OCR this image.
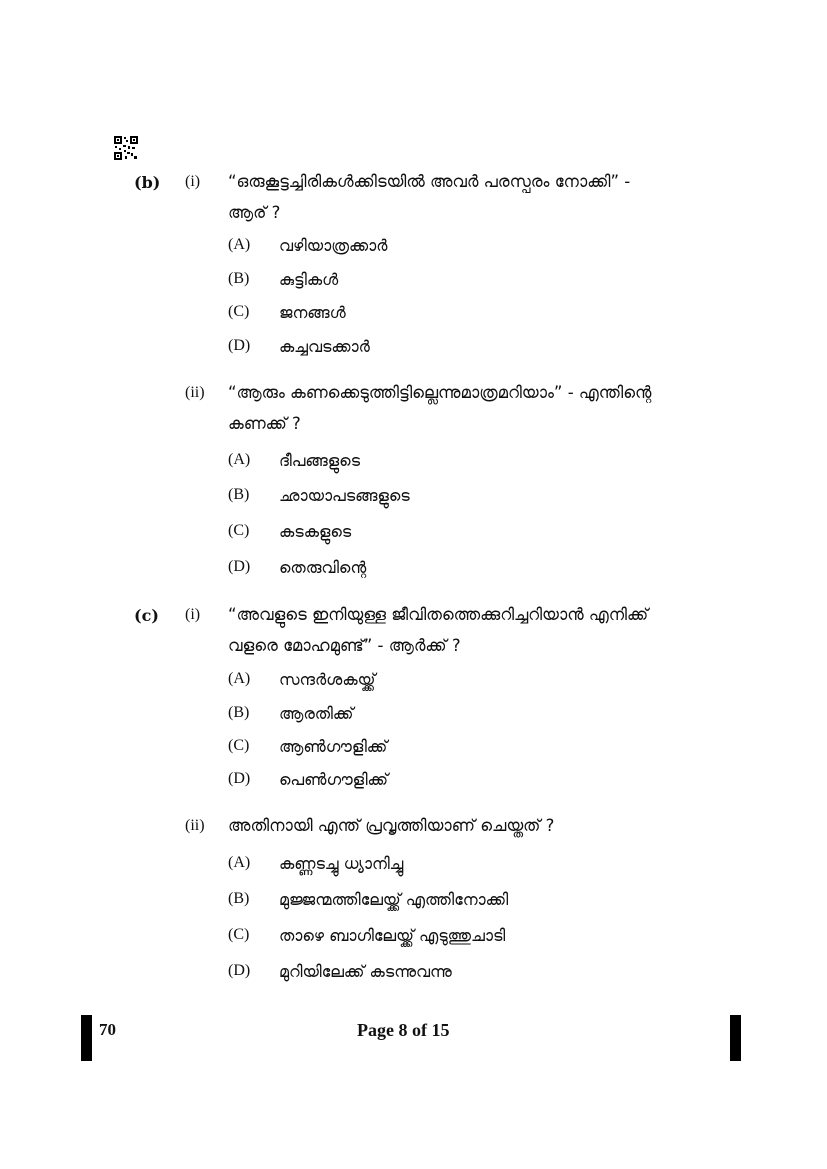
(b) (i) “ഒരുകൂട്ടച്ചിരികൾക്കിടയിൽ അവർ പരസ്പരം നോക്കി” -
ആര് ?
(A) വഴിയാത്രക്കാർ
(B) കുട്ടികൾ
(C) ജനങ്ങൾ
(D) കച്ചവടക്കാർ
(ii) “ആരും കണക്കെടുത്തിട്ടില്ലെന്നുമാത്രമറിയാം” - എന്തിന്റെ
കണക്ക് ?
(A) ദീപങ്ങളുടെ
(B) ഛായാപടങ്ങളുടെ
(C) കടകളുടെ
(D) തെരുവിന്റെ
(c) (i) “അവളുടെ ഇനിയുള്ള ജീവിതത്തെക്കുറിച്ചറിയാൻ എനിക്ക്
വളരെ മോഹമുണ്ട്” - ആർക്ക് ?
(A) സന്ദർശകയ്ക്ക്
(B) ആരതിക്ക്
(C) ആൺഗൗളിക്ക്
(D) പെൺഗൗളിക്ക്
(ii) അതിനായി എന്ത് പ്രവൃത്തിയാണ് ചെയ്തത് ?
(A) കണ്ണടച്ചു ധ്യാനിച്ചു
(B) മുജ്ജന്മത്തിലേയ്ക്ക് എത്തിനോക്കി
(C) താഴെ ബാഗിലേയ്ക്ക് എടുത്തുചാടി
(D) മുറിയിലേക്ക് കടന്നുവന്നു
70	Page 8 of 15
